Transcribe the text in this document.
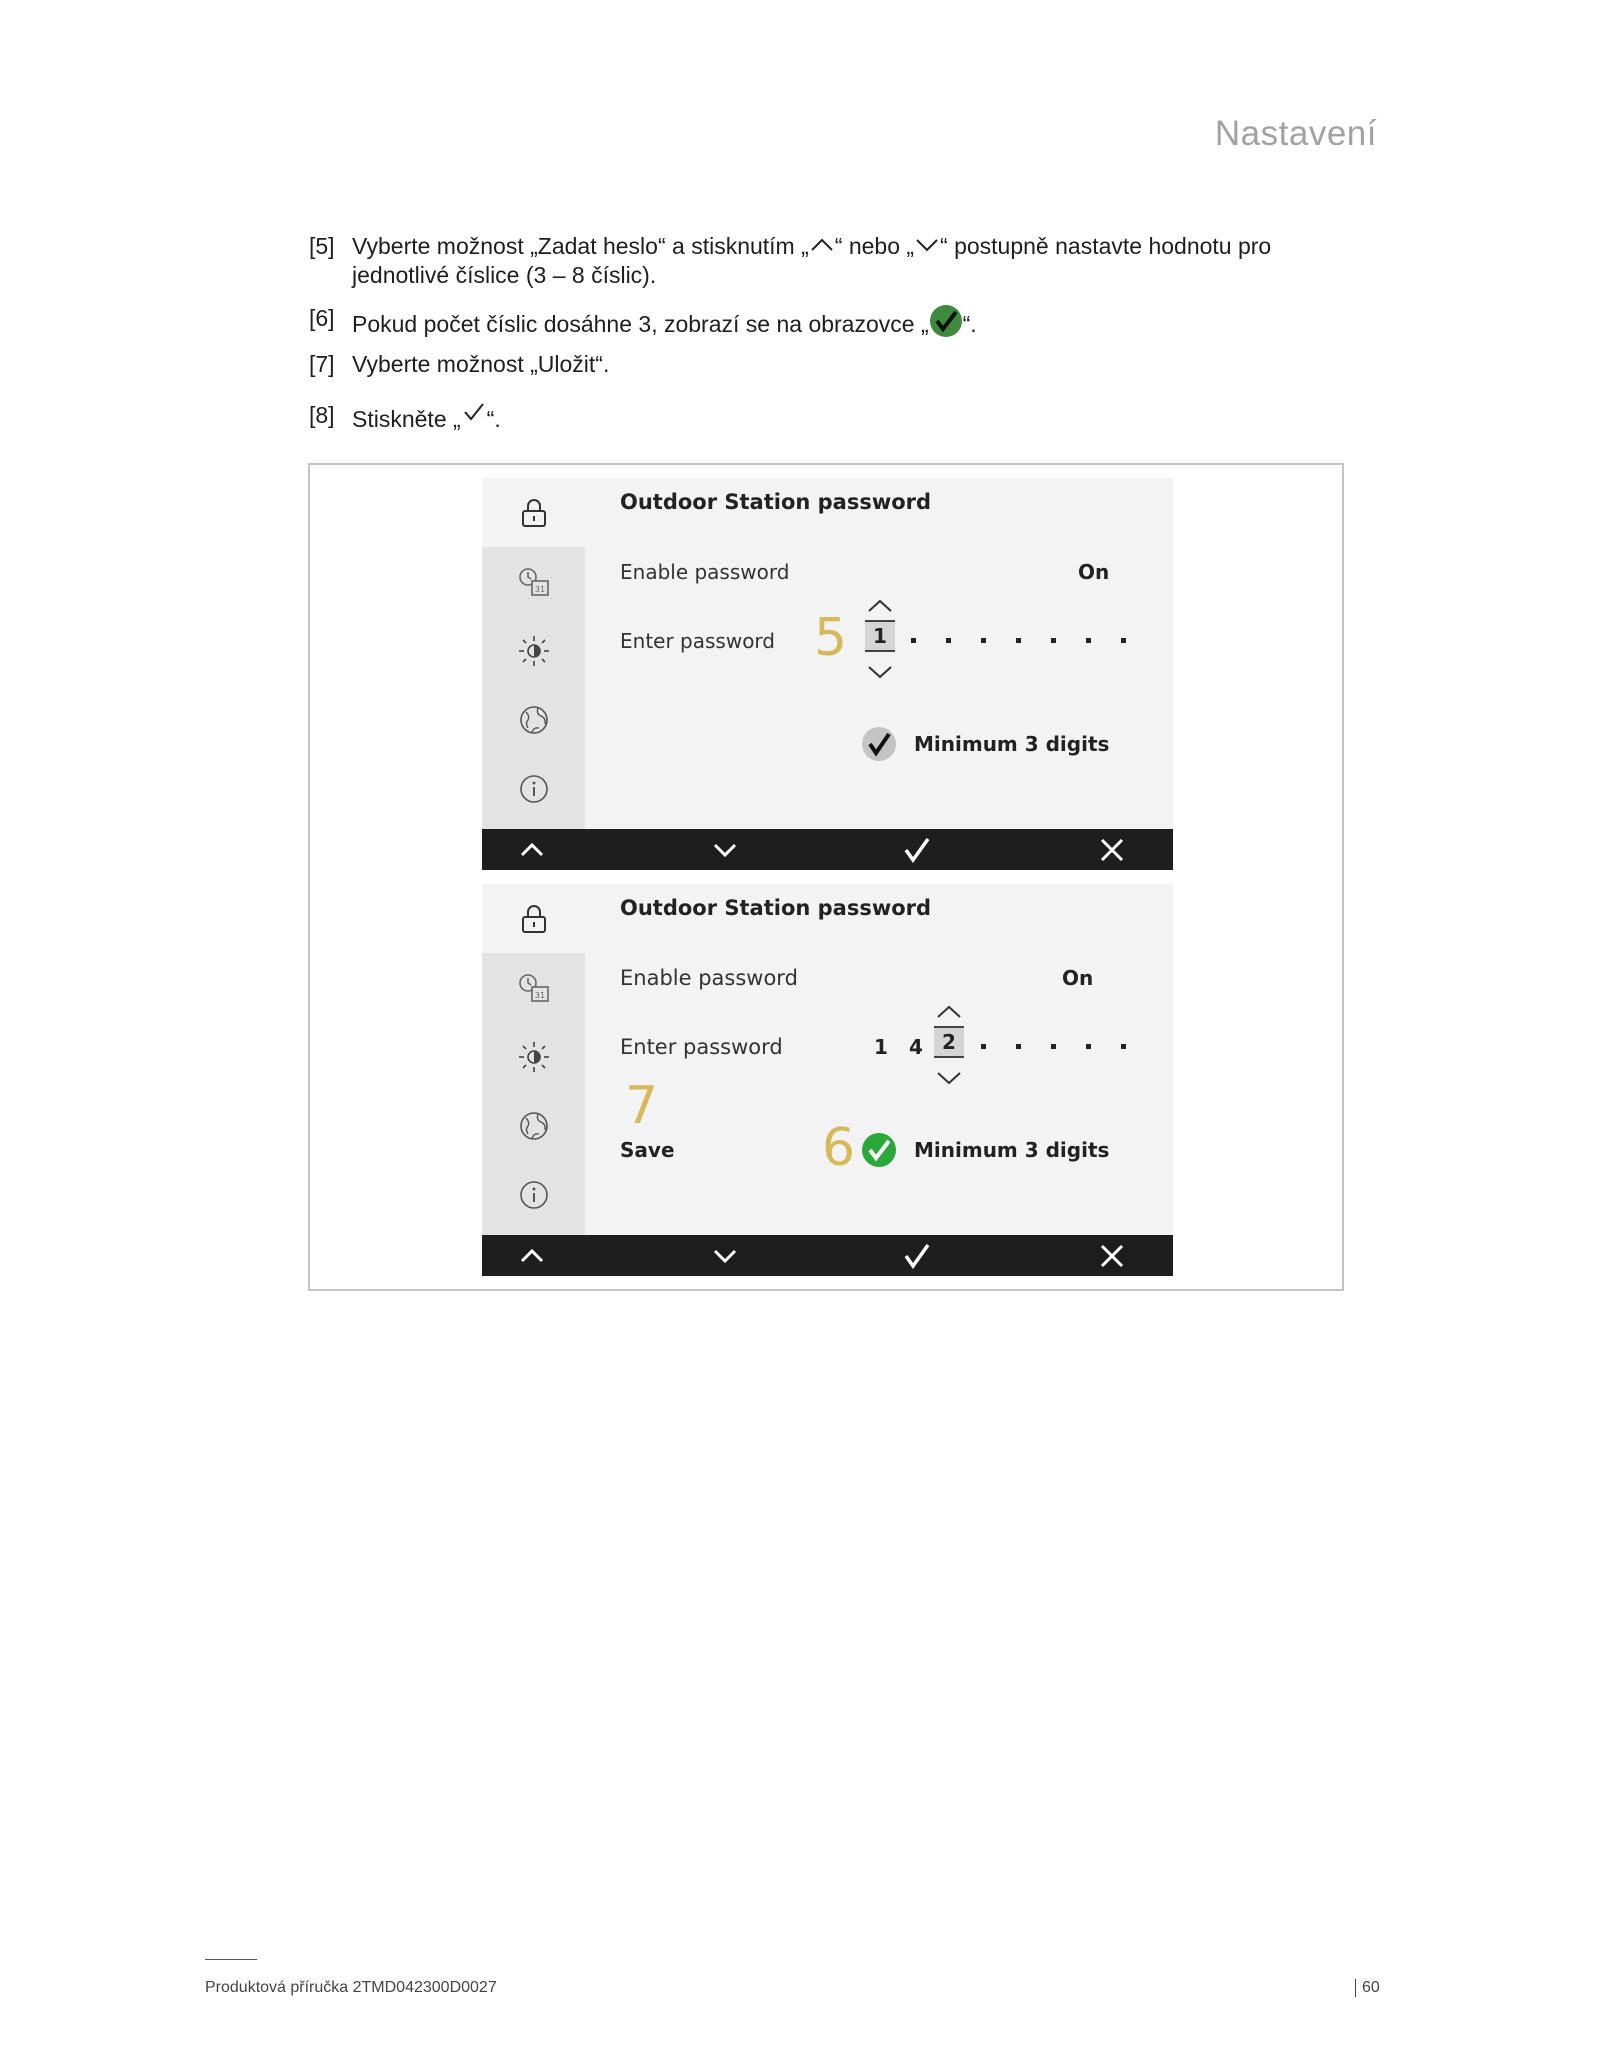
Nastavení
[5] Vyberte možnost „Zadat heslo“ a stisknutím „ “ nebo „ “ postupně nastavte hodnotu pro jednotlivé číslice (3 – 8 číslic).
[6] Pokud počet číslic dosáhne 3, zobrazí se na obrazovce „ “.
[7] Vyberte možnost „Uložit“.
[8] Stiskněte „ “.
31
Outdoor Station password
Enable password	On
Enter password 5	1
Minimum 3 digits
31
Outdoor Station password
Enable password	On
Enter password	1 4 2
7
Save	6	Minimum 3 digits
Produktová příručka 2TMD042300D0027	60
